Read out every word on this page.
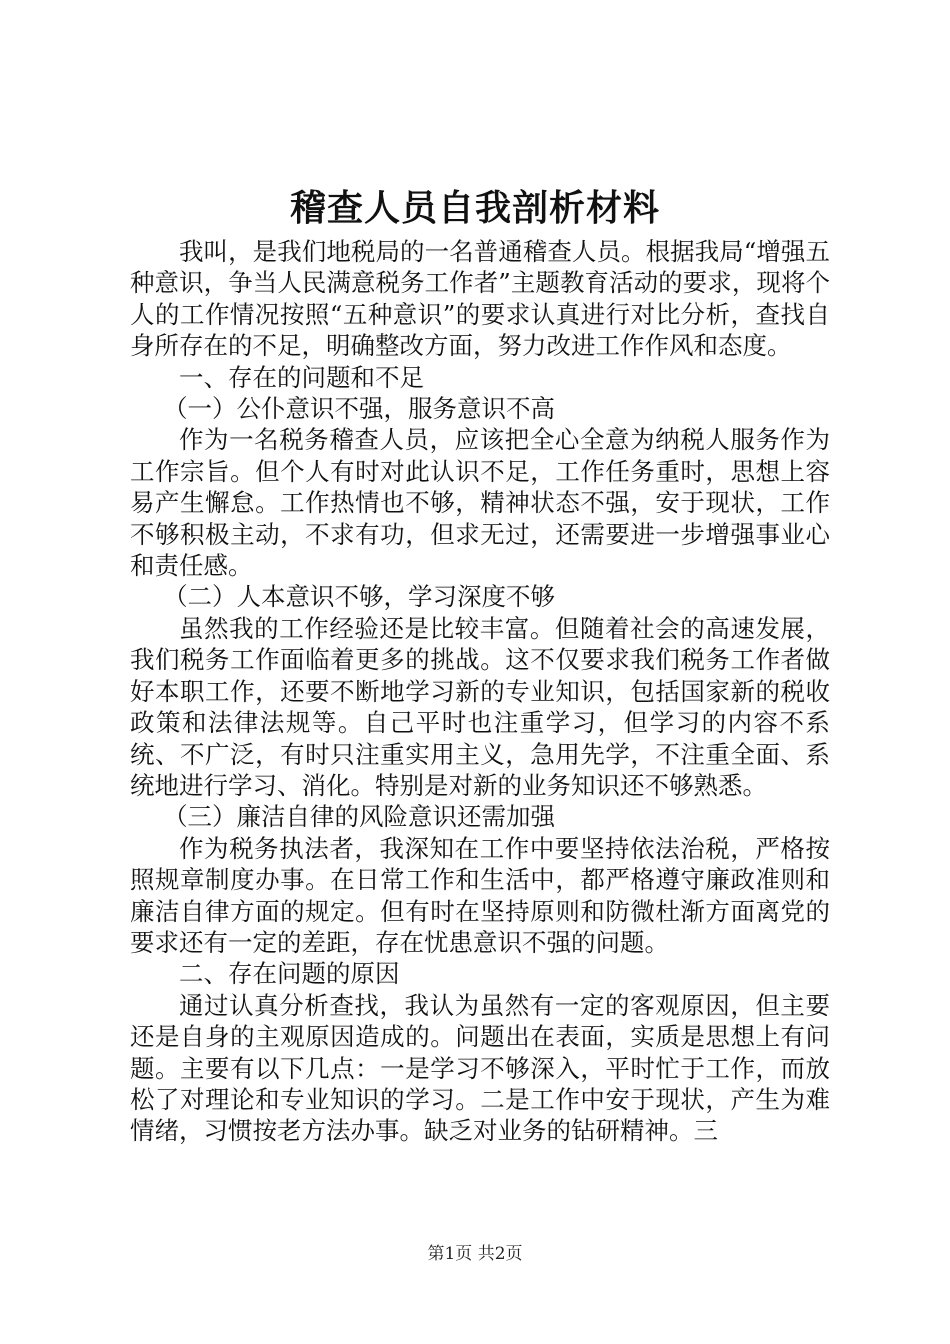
稽查人员自我剖析材料

我叫，是我们地税局的一名普通稽查人员。根据我局“增强五种意识，争当人民满意税务工作者”主题教育活动的要求，现将个人的工作情况按照“五种意识”的要求认真进行对比分析，查找自身所存在的不足，明确整改方面，努力改进工作作风和态度。

一、存在的问题和不足

（一）公仆意识不强，服务意识不高

作为一名税务稽查人员，应该把全心全意为纳税人服务作为工作宗旨。但个人有时对此认识不足，工作任务重时，思想上容易产生懈怠。工作热情也不够，精神状态不强，安于现状，工作不够积极主动，不求有功，但求无过，还需要进一步增强事业心和责任感。

（二）人本意识不够，学习深度不够

虽然我的工作经验还是比较丰富。但随着社会的高速发展，我们税务工作面临着更多的挑战。这不仅要求我们税务工作者做好本职工作，还要不断地学习新的专业知识，包括国家新的税收政策和法律法规等。自己平时也注重学习，但学习的内容不系统、不广泛，有时只注重实用主义，急用先学，不注重全面、系统地进行学习、消化。特别是对新的业务知识还不够熟悉。

（三）廉洁自律的风险意识还需加强

作为税务执法者，我深知在工作中要坚持依法治税，严格按照规章制度办事。在日常工作和生活中，都严格遵守廉政准则和廉洁自律方面的规定。但有时在坚持原则和防微杜渐方面离党的要求还有一定的差距，存在忧患意识不强的问题。

二、存在问题的原因

通过认真分析查找，我认为虽然有一定的客观原因，但主要还是自身的主观原因造成的。问题出在表面，实质是思想上有问题。主要有以下几点：一是学习不够深入，平时忙于工作，而放松了对理论和专业知识的学习。二是工作中安于现状，产生为难情绪，习惯按老方法办事。缺乏对业务的钻研精神。三

第1页 共2页
